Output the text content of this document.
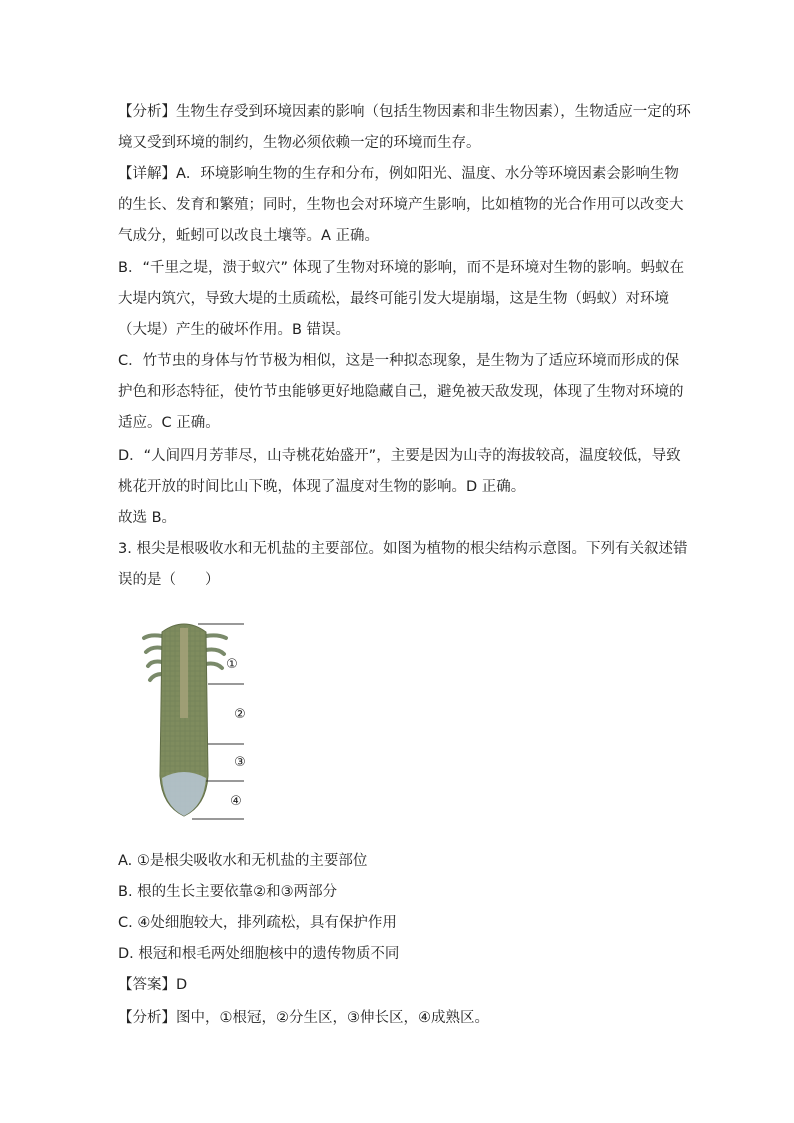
【分析】生物生存受到环境因素的影响（包括生物因素和非生物因素），生物适应一定的环
境又受到环境的制约，生物必须依赖一定的环境而生存。
【详解】A．环境影响生物的生存和分布，例如阳光、温度、水分等环境因素会影响生物
的生长、发育和繁殖；同时，生物也会对环境产生影响，比如植物的光合作用可以改变大
气成分，蚯蚓可以改良土壤等。A 正确。
B．“千里之堤，溃于蚁穴” 体现了生物对环境的影响，而不是环境对生物的影响。蚂蚁在
大堤内筑穴，导致大堤的土质疏松，最终可能引发大堤崩塌，这是生物（蚂蚁）对环境
（大堤）产生的破坏作用。B 错误。
C．竹节虫的身体与竹节极为相似，这是一种拟态现象，是生物为了适应环境而形成的保
护色和形态特征，使竹节虫能够更好地隐藏自己，避免被天敌发现，体现了生物对环境的
适应。C 正确。
D．“人间四月芳菲尽，山寺桃花始盛开”，主要是因为山寺的海拔较高，温度较低，导致
桃花开放的时间比山下晚，体现了温度对生物的影响。D 正确。
故选 B。
3. 根尖是根吸收水和无机盐的主要部位。如图为植物的根尖结构示意图。下列有关叙述错
误的是（　　）
①
②
③
④
A. ①是根尖吸收水和无机盐的主要部位
B. 根的生长主要依靠②和③两部分
C. ④处细胞较大，排列疏松，具有保护作用
D. 根冠和根毛两处细胞核中的遗传物质不同
【答案】D
【分析】图中，①根冠，②分生区，③伸长区，④成熟区。
